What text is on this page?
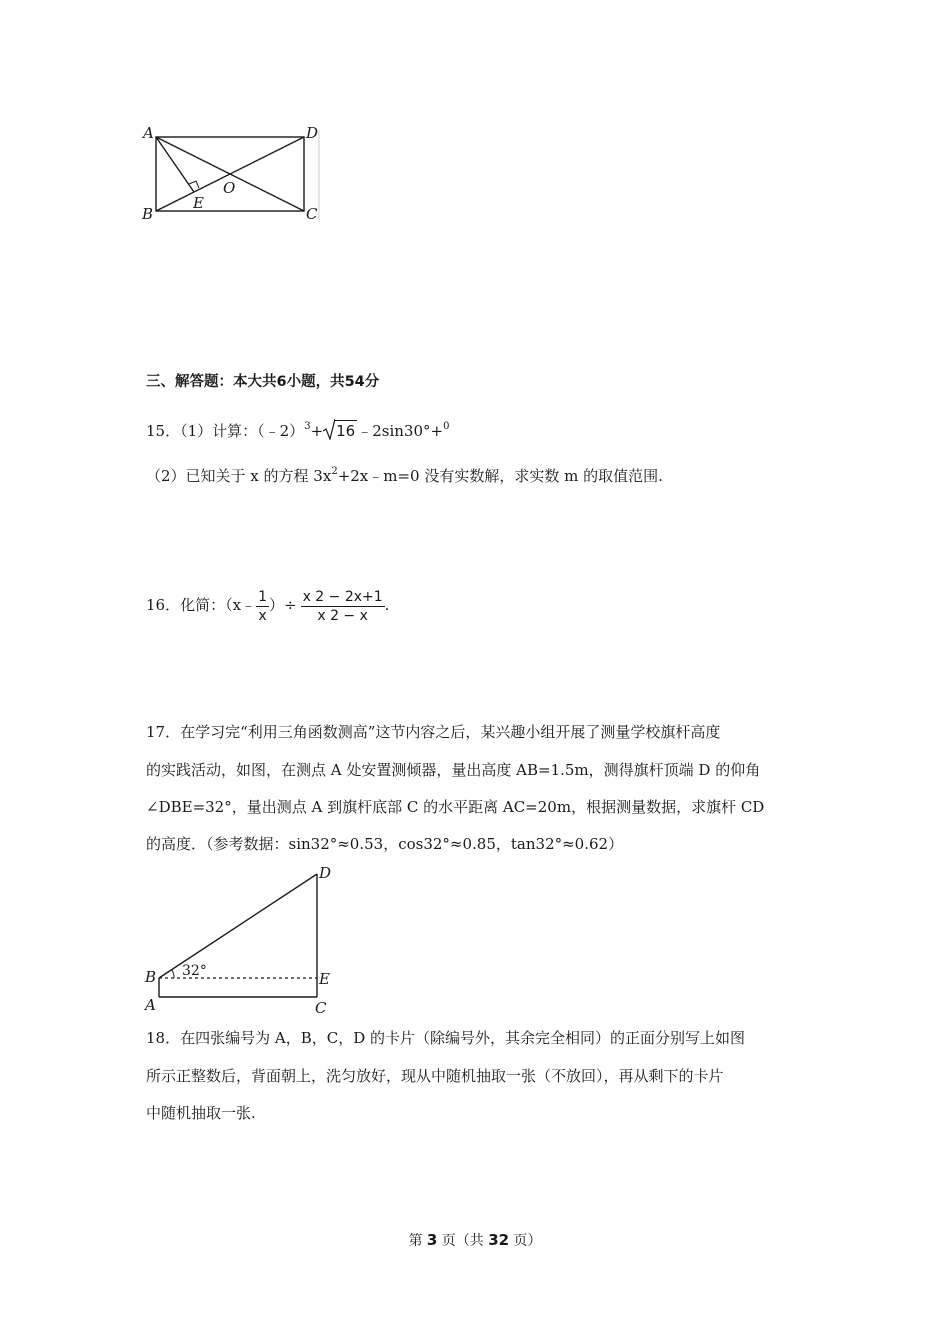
A	D
B	C
O
E
三、解答题：本大共6小题，共54分
15．（1）计算：（﹣2）$^3$+ 16 ﹣2sin30°+$^0$
（2）已知关于 x 的方程 $3x^2+2x﹣m=0$ 没有实数解，求实数 m 的取值范围.
16．化简：（x﹣ $\frac{1}{x}$ ）÷ $\frac{x 2 - 2x+1}{x 2 - x}$ .
17．在学习完“利用三角函数测高”这节内容之后，某兴趣小组开展了测量学校旗杆高度
的实践活动，如图，在测点 A 处安置测倾器，量出高度 AB=1.5m，测得旗杆顶端 D 的仰角
∠DBE=32°，量出测点 A 到旗杆底部 C 的水平距离 AC=20m，根据测量数据，求旗杆 CD
的高度．（参考数据：sin32°≈0.53，cos32°≈0.85，tan32°≈0.62）
D
B	E
A	C
32°
18．在四张编号为 A，B，C，D 的卡片（除编号外，其余完全相同）的正面分别写上如图
所示正整数后，背面朝上，洗匀放好，现从中随机抽取一张（不放回），再从剩下的卡片
中随机抽取一张.
第 3 页（共 32 页）
